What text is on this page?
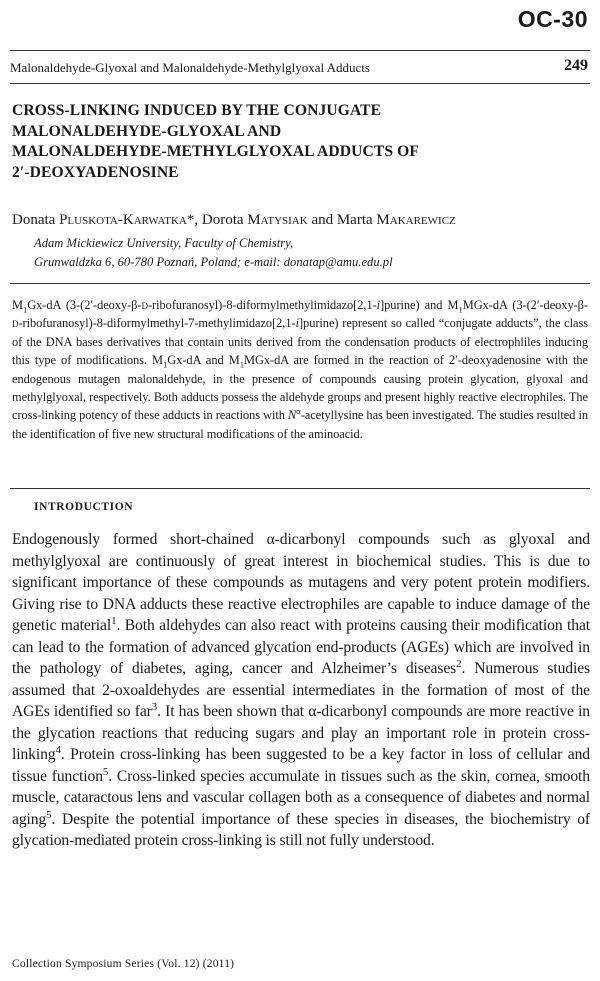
OC-30
Malonaldehyde-Glyoxal and Malonaldehyde-Methylglyoxal Adducts	249
CROSS-LINKING INDUCED BY THE CONJUGATE
MALONALDEHYDE-GLYOXAL AND
MALONALDEHYDE-METHYLGLYOXAL ADDUCTS OF
2′-DEOXYADENOSINE
Donata Pluskota-Karwatka*, Dorota Matysiak and Marta Makarewicz
Adam Mickiewicz University, Faculty of Chemistry,
Grunwaldzka 6, 60-780 Poznań, Poland; e-mail: donatap@amu.edu.pl
$M_1Gx-dA$ (3-(2′-deoxy-β-d-ribofuranosyl)-8-diformylmethylimidazo[2,1-i]purine) and $M_1MGx-dA$ (3-(2′-deoxy-β-d-ribofuranosyl)-8-diformylmethyl-7-methylimidazo[2,1-i]purine) represent so called “conjugate adducts”, the class of the DNA bases derivatives that contain units derived from the condensation products of electrophliles inducing this type of modifications. $M_1Gx-dA$ and $M_1MGx-dA$ are formed in the reaction of 2′-deoxyadenosine with the endogenous mutagen malonaldehyde, in the presence of compounds causing protein glycation, glyoxal and methylglyoxal, respectively. Both adducts possess the aldehyde groups and present highly reactive electrophiles. The cross-linking potency of these adducts in reactions with $N^\alpha$-acetyllysine has been investigated. The studies resulted in the identification of five new structural modifications of the aminoacid.
INTRODUCTION
Endogenously formed short-chained α-dicarbonyl compounds such as glyoxal and methylglyoxal are continuously of great interest in biochemical studies. This is due to significant importance of these compounds as mutagens and very potent protein modifiers. Giving rise to DNA adducts these reactive electrophiles are capable to induce damage of the genetic material$^1$. Both aldehydes can also react with proteins causing their modification that can lead to the formation of advanced glycation end-products (AGEs) which are involved in the pathology of diabetes, aging, cancer and Alzheimer’s diseases$^2$. Numerous studies assumed that 2-oxoaldehydes are essential intermediates in the formation of most of the AGEs identified so far$^3$. It has been shown that α-dicarbonyl compounds are more reactive in the glycation reactions that reducing sugars and play an important role in protein cross-linking$^4$. Protein cross-linking has been suggested to be a key factor in loss of cellular and tissue function$^5$. Cross-linked species accumulate in tissues such as the skin, cornea, smooth muscle, cataractous lens and vascular collagen both as a consequence of diabetes and normal aging$^5$. Despite the potential importance of these species in diseases, the biochemistry of glycation-mediated protein cross-linking is still not fully understood.
Collection Symposium Series (Vol. 12) (2011)
